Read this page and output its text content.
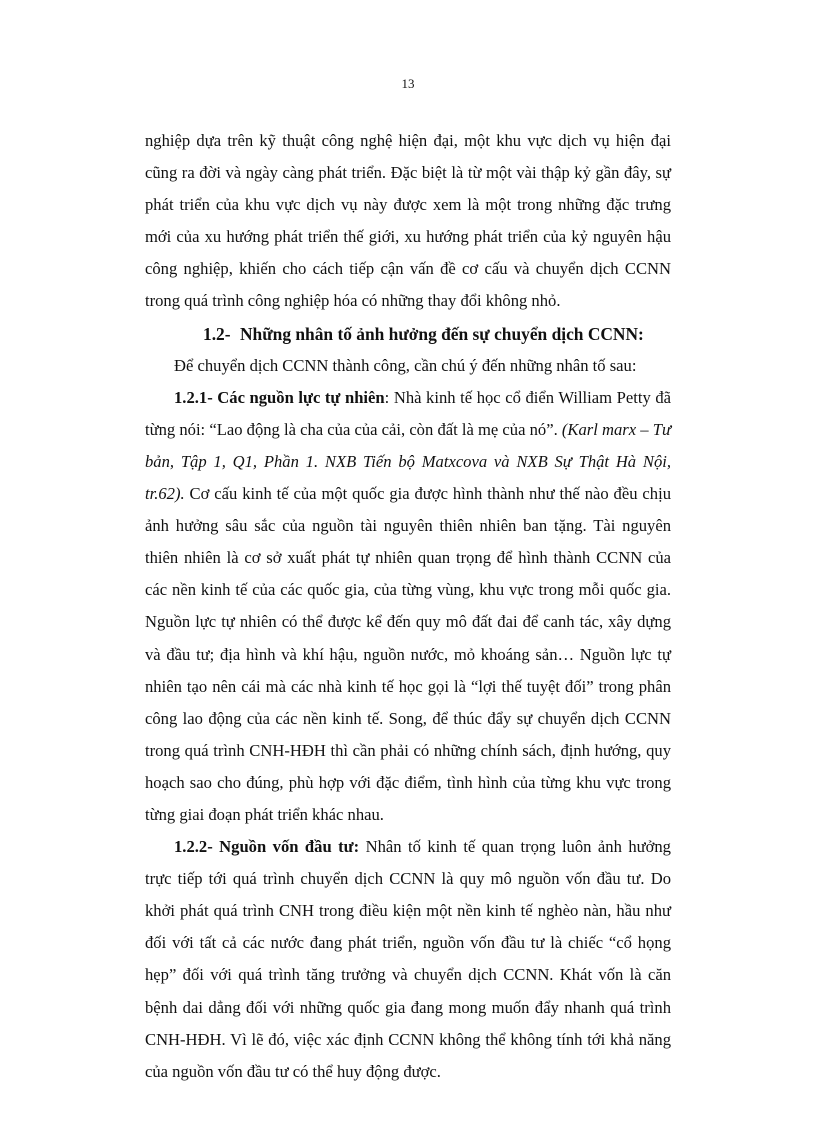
13

nghiệp dựa trên kỹ thuật công nghệ hiện đại, một khu vực dịch vụ hiện đại cũng ra đời và ngày càng phát triển. Đặc biệt là từ một vài thập kỷ gần đây, sự phát triển của khu vực dịch vụ này được xem là một trong những đặc trưng mới của xu hướng phát triển thế giới, xu hướng phát triển của kỷ nguyên hậu công nghiệp, khiến cho cách tiếp cận vấn đề cơ cấu và chuyển dịch CCNN trong quá trình công nghiệp hóa có những thay đổi không nhỏ.

1.2- Những nhân tố ảnh hưởng đến sự chuyển dịch CCNN:

Để chuyển dịch CCNN thành công, cần chú ý đến những nhân tố sau:

1.2.1- Các nguồn lực tự nhiên: Nhà kinh tế học cổ điển William Petty đã từng nói: “Lao động là cha của của cải, còn đất là mẹ của nó”. (Karl marx – Tư bản, Tập 1, Q1, Phần 1. NXB Tiến bộ Matxcova và NXB Sự Thật Hà Nội, tr.62). Cơ cấu kinh tế của một quốc gia được hình thành như thế nào đều chịu ảnh hưởng sâu sắc của nguồn tài nguyên thiên nhiên ban tặng. Tài nguyên thiên nhiên là cơ sở xuất phát tự nhiên quan trọng để hình thành CCNN của các nền kinh tế của các quốc gia, của từng vùng, khu vực trong mỗi quốc gia. Nguồn lực tự nhiên có thể được kể đến quy mô đất đai để canh tác, xây dựng và đầu tư; địa hình và khí hậu, nguồn nước, mỏ khoáng sản… Nguồn lực tự nhiên tạo nên cái mà các nhà kinh tế học gọi là “lợi thế tuyệt đối” trong phân công lao động của các nền kinh tế. Song, để thúc đẩy sự chuyển dịch CCNN trong quá trình CNH-HĐH thì cần phải có những chính sách, định hướng, quy hoạch sao cho đúng, phù hợp với đặc điểm, tình hình của từng khu vực trong từng giai đoạn phát triển khác nhau.

1.2.2- Nguồn vốn đầu tư: Nhân tố kinh tế quan trọng luôn ảnh hưởng trực tiếp tới quá trình chuyển dịch CCNN là quy mô nguồn vốn đầu tư. Do khởi phát quá trình CNH trong điều kiện một nền kinh tế nghèo nàn, hầu như đối với tất cả các nước đang phát triển, nguồn vốn đầu tư là chiếc “cổ họng hẹp” đối với quá trình tăng trưởng và chuyển dịch CCNN. Khát vốn là căn bệnh dai dẳng đối với những quốc gia đang mong muốn đẩy nhanh quá trình CNH-HĐH. Vì lẽ đó, việc xác định CCNN không thể không tính tới khả năng của nguồn vốn đầu tư có thể huy động được.
